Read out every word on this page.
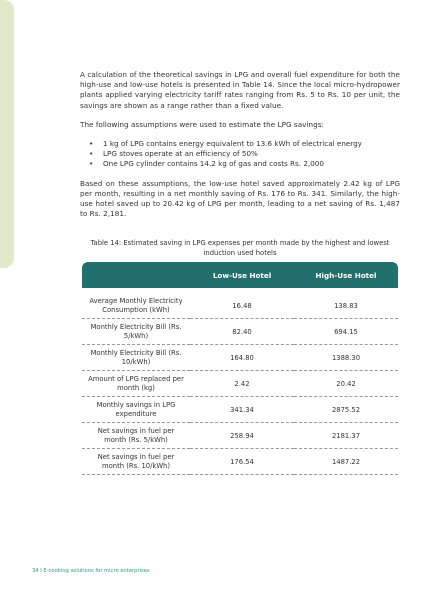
A calculation of the theoretical savings in LPG and overall fuel expenditure for both the high-use and low-use hotels is presented in Table 14. Since the local micro-hydropower plants applied varying electricity tariff rates ranging from Rs. 5 to Rs. 10 per unit, the savings are shown as a range rather than a fixed value.

The following assumptions were used to estimate the LPG savings:

• 1 kg of LPG contains energy equivalent to 13.6 kWh of electrical energy
• LPG stoves operate at an efficiency of 50%
• One LPG cylinder contains 14.2 kg of gas and costs Rs. 2,000

Based on these assumptions, the low-use hotel saved approximately 2.42 kg of LPG per month, resulting in a net monthly saving of Rs. 176 to Rs. 341. Similarly, the high-use hotel saved up to 20.42 kg of LPG per month, leading to a net saving of Rs. 1,487 to Rs. 2,181.

Table 14: Estimated saving in LPG expenses per month made by the highest and lowest induction used hotels
	Low-Use Hotel	High-Use Hotel

Average Monthly Electricity Consumption (kWh)	16.48	138.83
Monthly Electricity Bill (Rs. 5/kWh)	82.40	694.15
Monthly Electricity Bill (Rs. 10/kWh)	164.80	1388.30
Amount of LPG replaced per month (kg)	2.42	20.42
Monthly savings in LPG expenditure	341.34	2875.52
Net savings in fuel per month (Rs. 5/kWh)	258.94	2181.37
Net savings in fuel per month (Rs. 10/kWh)	176.54	1487.22
34 I E-cooking solutions for micro enterprises
